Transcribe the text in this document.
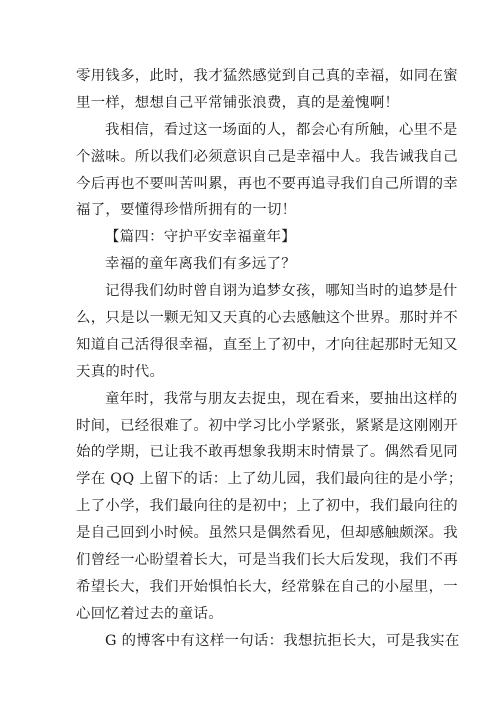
零用钱多，此时，我才猛然感觉到自己真的幸福，如同在蜜
里一样，想想自己平常铺张浪费，真的是羞愧啊！
我相信，看过这一场面的人，都会心有所触，心里不是
个滋味。所以我们必须意识自己是幸福中人。我告诫我自己
今后再也不要叫苦叫累，再也不要再追寻我们自己所谓的幸
福了，要懂得珍惜所拥有的一切！
【篇四：守护平安幸福童年】
幸福的童年离我们有多远了？
记得我们幼时曾自诩为追梦女孩，哪知当时的追梦是什
么，只是以一颗无知又天真的心去感触这个世界。那时并不
知道自己活得很幸福，直至上了初中，才向往起那时无知又
天真的时代。
童年时，我常与朋友去捉虫，现在看来，要抽出这样的
时间，已经很难了。初中学习比小学紧张，紧紧是这刚刚开
始的学期，已让我不敢再想象我期末时情景了。偶然看见同
学在 QQ 上留下的话：上了幼儿园，我们最向往的是小学；
上了小学，我们最向往的是初中；上了初中，我们最向往的
是自己回到小时候。虽然只是偶然看见，但却感触颇深。我
们曾经一心盼望着长大，可是当我们长大后发现，我们不再
希望长大，我们开始惧怕长大，经常躲在自己的小屋里，一
心回忆着过去的童话。
G 的博客中有这样一句话：我想抗拒长大，可是我实在
